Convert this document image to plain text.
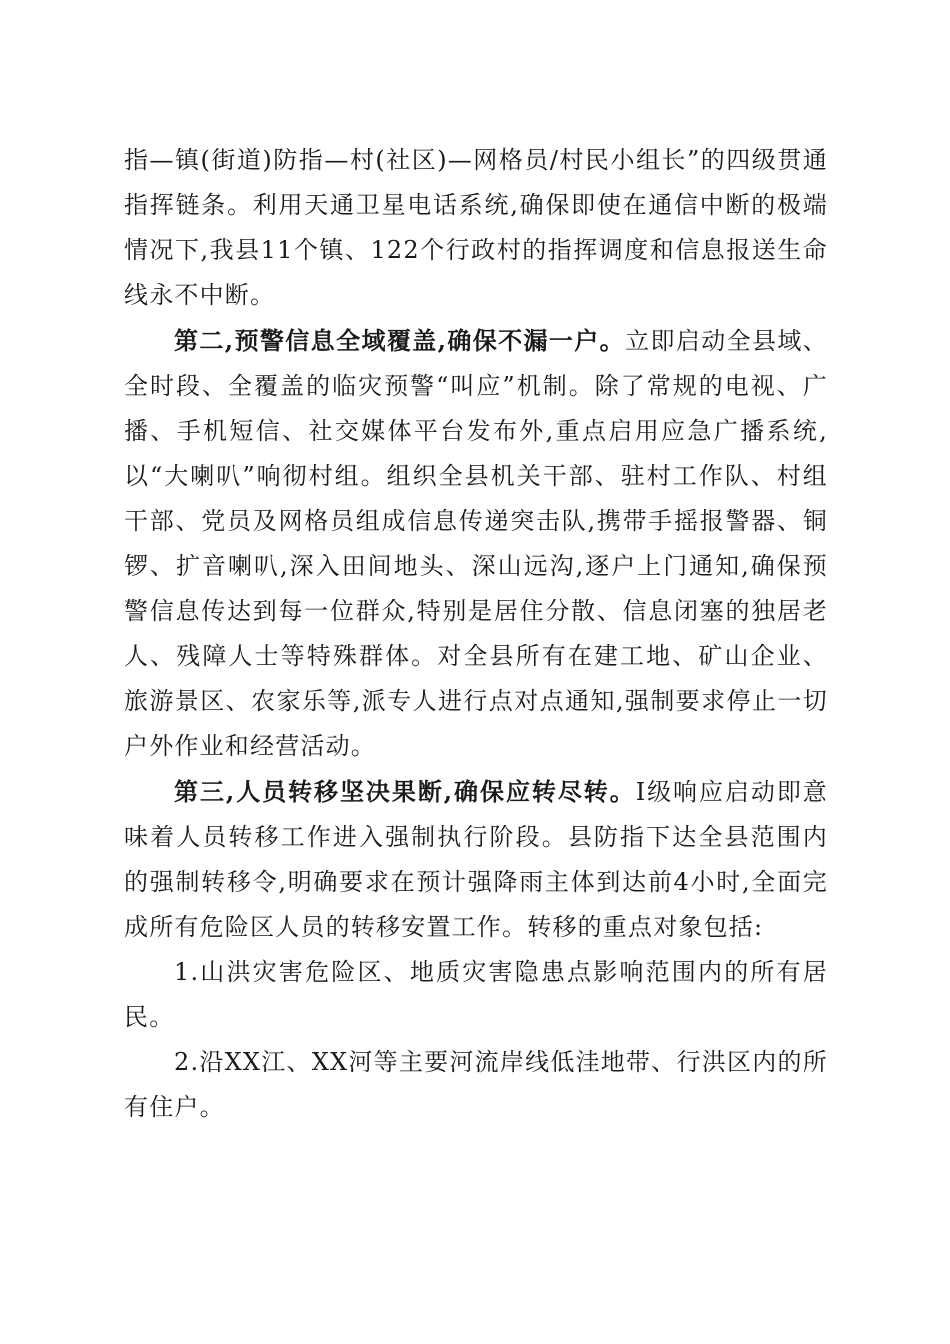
指—镇(街道)防指—村(社区)—网格员/村民小组长”的四级贯通指挥链条。利用天通卫星电话系统,确保即使在通信中断的极端情况下,我县11个镇、122个行政村的指挥调度和信息报送生命线永不中断。

第二,预警信息全域覆盖,确保不漏一户。立即启动全县域、全时段、全覆盖的临灾预警“叫应”机制。除了常规的电视、广播、手机短信、社交媒体平台发布外,重点启用应急广播系统,以“大喇叭”响彻村组。组织全县机关干部、驻村工作队、村组干部、党员及网格员组成信息传递突击队,携带手摇报警器、铜锣、扩音喇叭,深入田间地头、深山远沟,逐户上门通知,确保预警信息传达到每一位群众,特别是居住分散、信息闭塞的独居老人、残障人士等特殊群体。对全县所有在建工地、矿山企业、旅游景区、农家乐等,派专人进行点对点通知,强制要求停止一切户外作业和经营活动。

第三,人员转移坚决果断,确保应转尽转。I级响应启动即意味着人员转移工作进入强制执行阶段。县防指下达全县范围内的强制转移令,明确要求在预计强降雨主体到达前4小时,全面完成所有危险区人员的转移安置工作。转移的重点对象包括:

1.山洪灾害危险区、地质灾害隐患点影响范围内的所有居民。

2.沿XX江、XX河等主要河流岸线低洼地带、行洪区内的所有住户。
